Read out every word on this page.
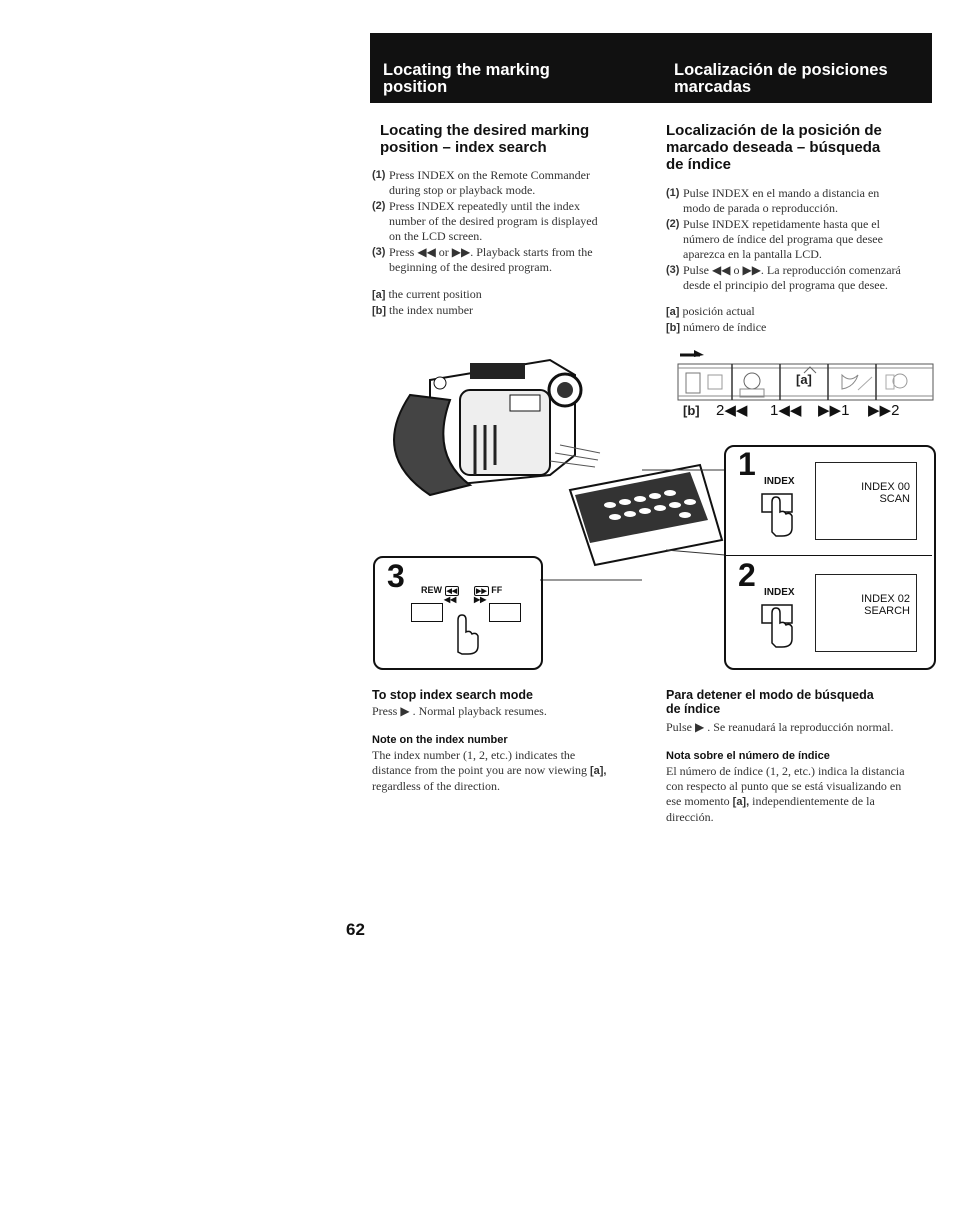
Locating the marking
position
Localización de posiciones
marcadas
Locating the desired marking
position – index search
(1) Press INDEX on the Remote Commander
during stop or playback mode.
(2) Press INDEX repeatedly until the index
number of the desired program is displayed
on the LCD screen.
(3) Press ◀◀ or ▶▶. Playback starts from the
beginning of the desired program.
[a] the current position
[b] the index number
Localización de la posición de
marcado deseada – búsqueda
de índice
(1) Pulse INDEX en el mando a distancia en
modo de parada o reproducción.
(2) Pulse INDEX repetidamente hasta que el
número de índice del programa que desee
aparezca en la pantalla LCD.
(3) Pulse ◀◀ o ▶▶. La reproducción comenzará
desde el principio del programa que desee.
[a] posición actual
[b] número de índice
[a]
[b] 2◀◀ 1◀◀ ▶▶1 ▶▶2
1 INDEX	INDEX 00
SCAN
2 INDEX
INDEX 02
SEARCH
3 REW ◀◀	▶▶ FF
◀◀ ▶▶
To stop index search mode
Press ▶ . Normal playback resumes.
Note on the index number
The index number (1, 2, etc.) indicates the
distance from the point you are now viewing [a],
regardless of the direction.
Para detener el modo de búsqueda
de índice
Pulse ▶ . Se reanudará la reproducción normal.
Nota sobre el número de índice
El número de índice (1, 2, etc.) indica la distancia
con respecto al punto que se está visualizando en
ese momento [a], independientemente de la
dirección.
62
